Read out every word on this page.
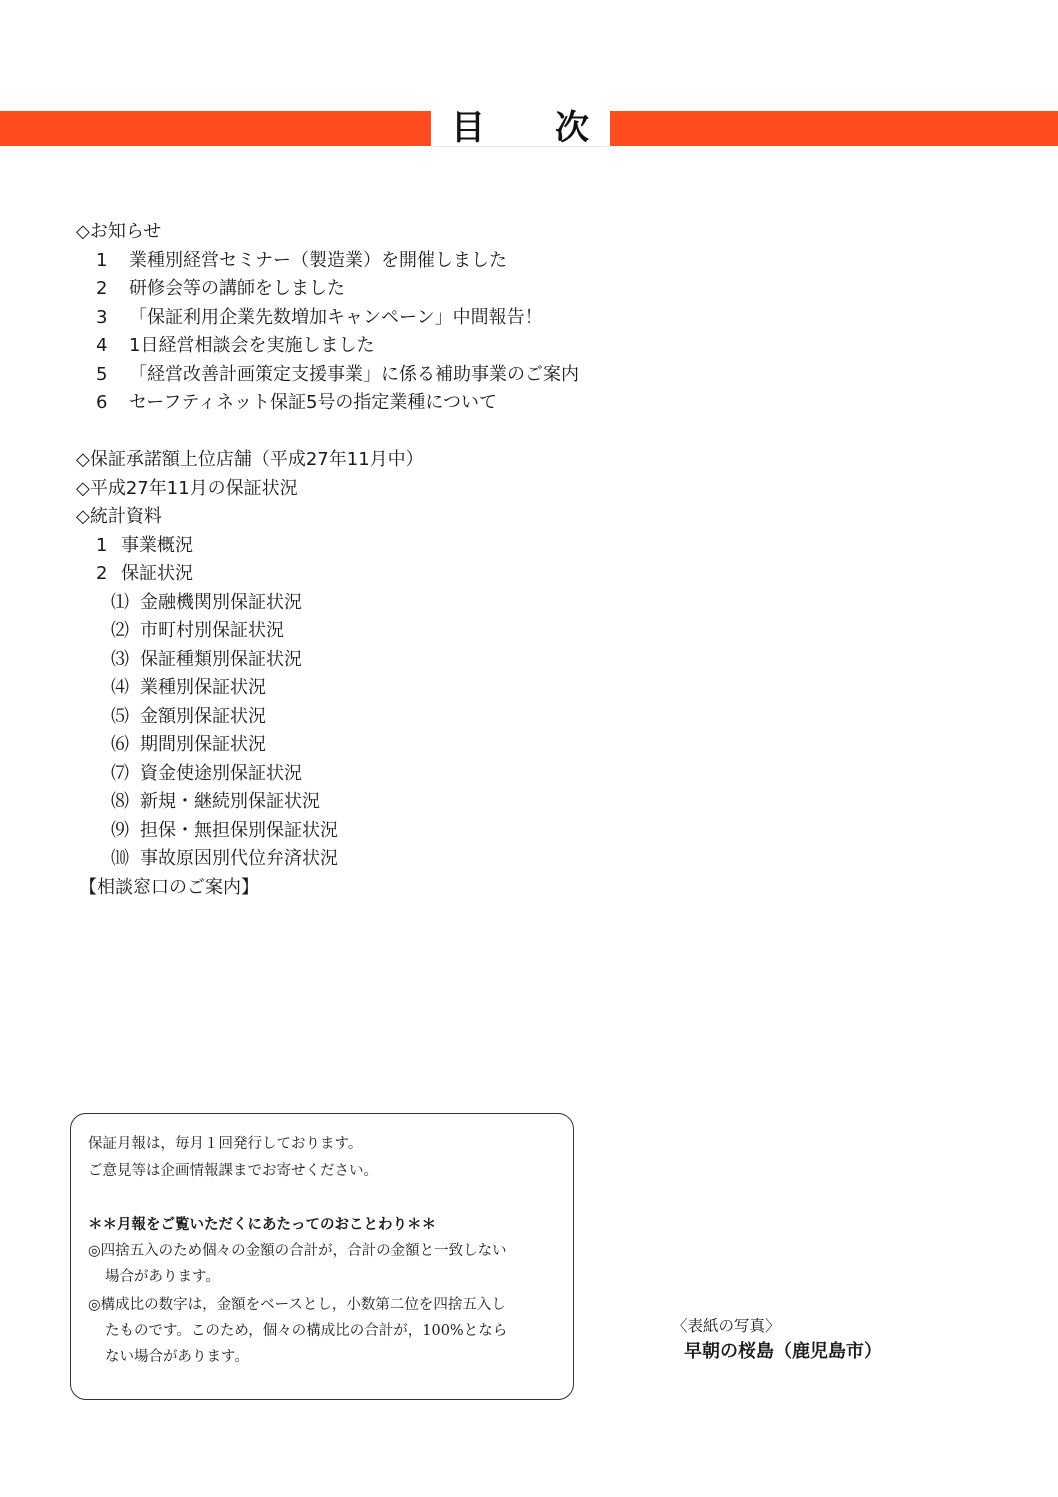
目 次
◇お知らせ
1 業種別経営セミナー（製造業）を開催しました
2 研修会等の講師をしました
3 「保証利用企業先数増加キャンペーン」中間報告！
4 1日経営相談会を実施しました
5 「経営改善計画策定支援事業」に係る補助事業のご案内
6 セーフティネット保証5号の指定業種について
◇保証承諾額上位店舗（平成27年11月中）
◇平成27年11月の保証状況
◇統計資料
1 事業概況
2 保証状況
⑴ 金融機関別保証状況
⑵ 市町村別保証状況
⑶ 保証種類別保証状況
⑷ 業種別保証状況
⑸ 金額別保証状況
⑹ 期間別保証状況
⑺ 資金使途別保証状況
⑻ 新規・継続別保証状況
⑼ 担保・無担保別保証状況
⑽ 事故原因別代位弁済状況
【相談窓口のご案内】
保証月報は，毎月１回発行しております。
ご意見等は企画情報課までお寄せください。
＊＊月報をご覧いただくにあたってのおことわり＊＊
◎四捨五入のため個々の金額の合計が，合計の金額と一致しない
場合があります。
◎構成比の数字は，金額をベースとし，小数第二位を四捨五入し
たものです。このため，個々の構成比の合計が，100%となら
ない場合があります。
〈表紙の写真〉
早朝の桜島（鹿児島市）
